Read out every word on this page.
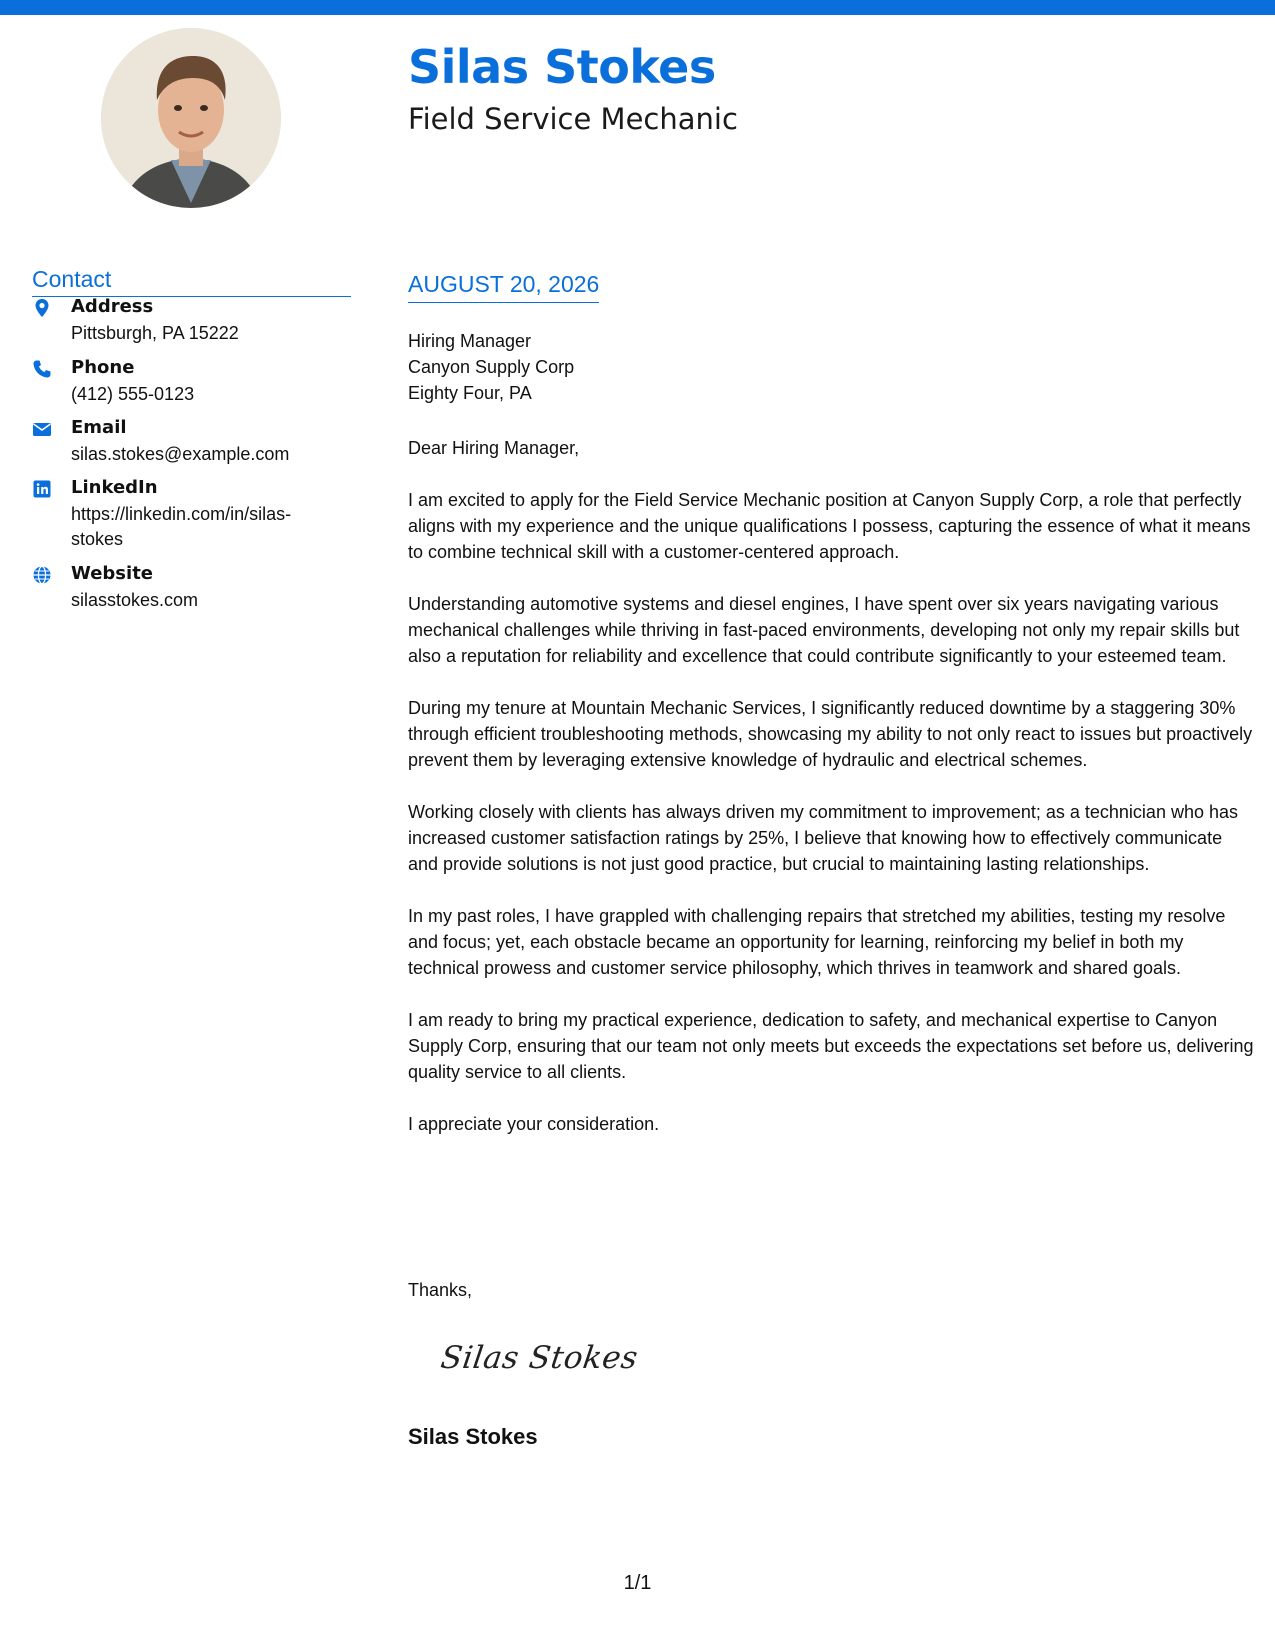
Silas Stokes
Field Service Mechanic
Contact
Address
Pittsburgh, PA 15222
Phone
(412) 555-0123
Email
silas.stokes@example.com
LinkedIn
https://linkedin.com/in/silas-stokes
Website
silasstokes.com
AUGUST 20, 2026
Hiring Manager
Canyon Supply Corp
Eighty Four, PA

Dear Hiring Manager,

I am excited to apply for the Field Service Mechanic position at Canyon Supply Corp, a role that perfectly aligns with my experience and the unique qualifications I possess, capturing the essence of what it means to combine technical skill with a customer-centered approach.

Understanding automotive systems and diesel engines, I have spent over six years navigating various mechanical challenges while thriving in fast-paced environments, developing not only my repair skills but also a reputation for reliability and excellence that could contribute significantly to your esteemed team.

During my tenure at Mountain Mechanic Services, I significantly reduced downtime by a staggering 30% through efficient troubleshooting methods, showcasing my ability to not only react to issues but proactively prevent them by leveraging extensive knowledge of hydraulic and electrical schemes.

Working closely with clients has always driven my commitment to improvement; as a technician who has increased customer satisfaction ratings by 25%, I believe that knowing how to effectively communicate and provide solutions is not just good practice, but crucial to maintaining lasting relationships.

In my past roles, I have grappled with challenging repairs that stretched my abilities, testing my resolve and focus; yet, each obstacle became an opportunity for learning, reinforcing my belief in both my technical prowess and customer service philosophy, which thrives in teamwork and shared goals.

I am ready to bring my practical experience, dedication to safety, and mechanical expertise to Canyon Supply Corp, ensuring that our team not only meets but exceeds the expectations set before us, delivering quality service to all clients.

I appreciate your consideration.

Thanks,
Silas Stokes
Silas Stokes
1/1
